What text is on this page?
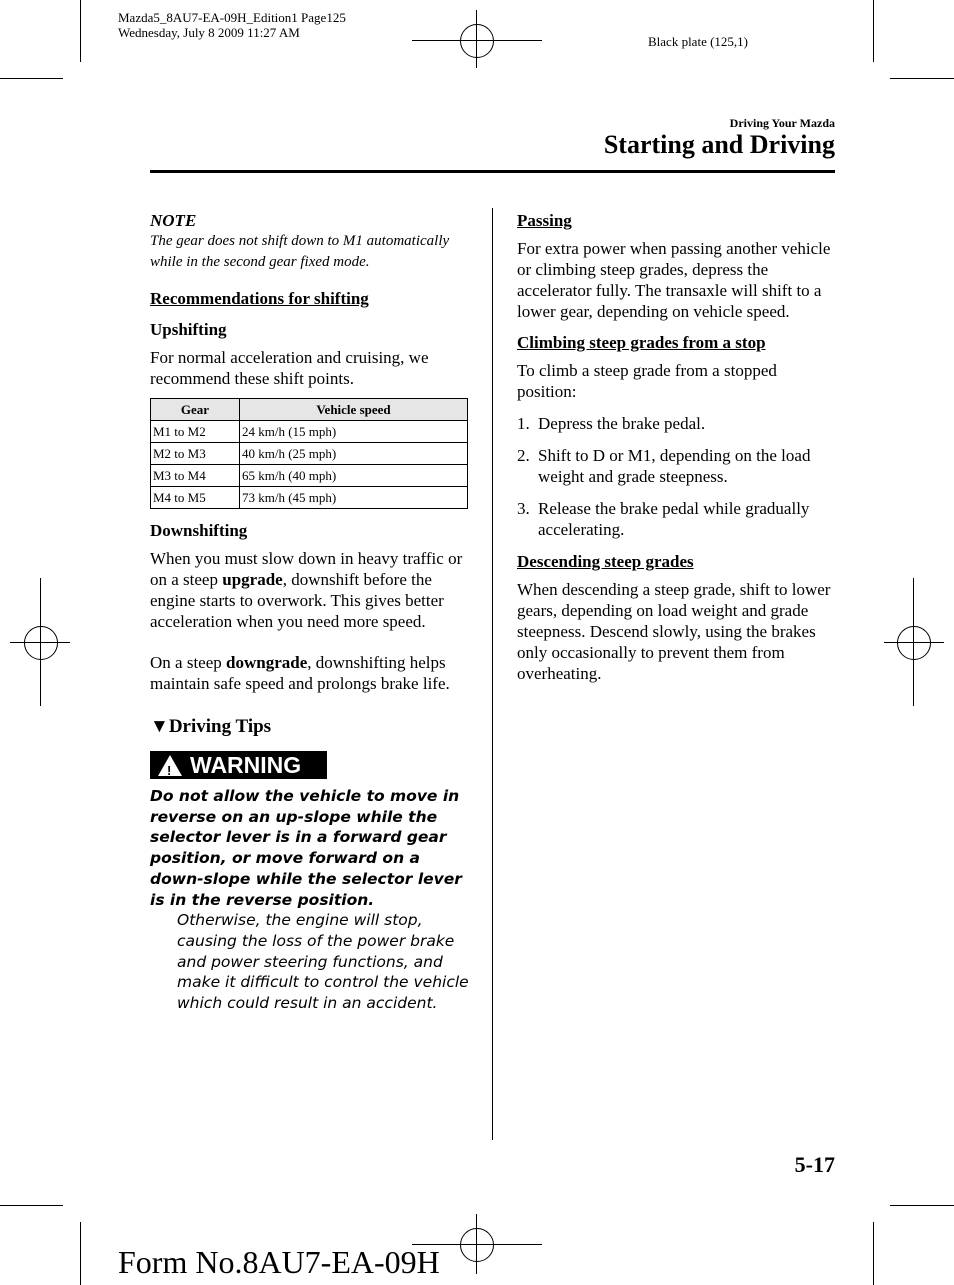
Mazda5_8AU7-EA-09H_Edition1 Page125
Wednesday, July 8 2009 11:27 AM
Black plate (125,1)
Driving Your Mazda
Starting and Driving
NOTE
The gear does not shift down to M1 automatically while in the second gear fixed mode.
Recommendations for shifting
Upshifting

For normal acceleration and cruising, we recommend these shift points.

Gear	Vehicle speed
M1 to M2	24 km/h (15 mph)
M2 to M3	40 km/h (25 mph)
M3 to M4	65 km/h (40 mph)
M4 to M5	73 km/h (45 mph)
Downshifting

When you must slow down in heavy traffic or on a steep upgrade, downshift before the engine starts to overwork. This gives better acceleration when you need more speed.

On a steep downgrade, downshifting helps maintain safe speed and prolongs brake life.

▼Driving Tips
! WARNING
Do not allow the vehicle to move in reverse on an up-slope while the selector lever is in a forward gear position, or move forward on a down-slope while the selector lever is in the reverse position.
Otherwise, the engine will stop, causing the loss of the power brake and power steering functions, and make it difficult to control the vehicle which could result in an accident.
Passing

For extra power when passing another vehicle or climbing steep grades, depress the accelerator fully. The transaxle will shift to a lower gear, depending on vehicle speed.

Climbing steep grades from a stop

To climb a steep grade from a stopped position:

1. Depress the brake pedal.
2. Shift to D or M1, depending on the load weight and grade steepness.
3. Release the brake pedal while gradually accelerating.
Descending steep grades

When descending a steep grade, shift to lower gears, depending on load weight and grade steepness. Descend slowly, using the brakes only occasionally to prevent them from overheating.

5-17
Form No.8AU7-EA-09H
